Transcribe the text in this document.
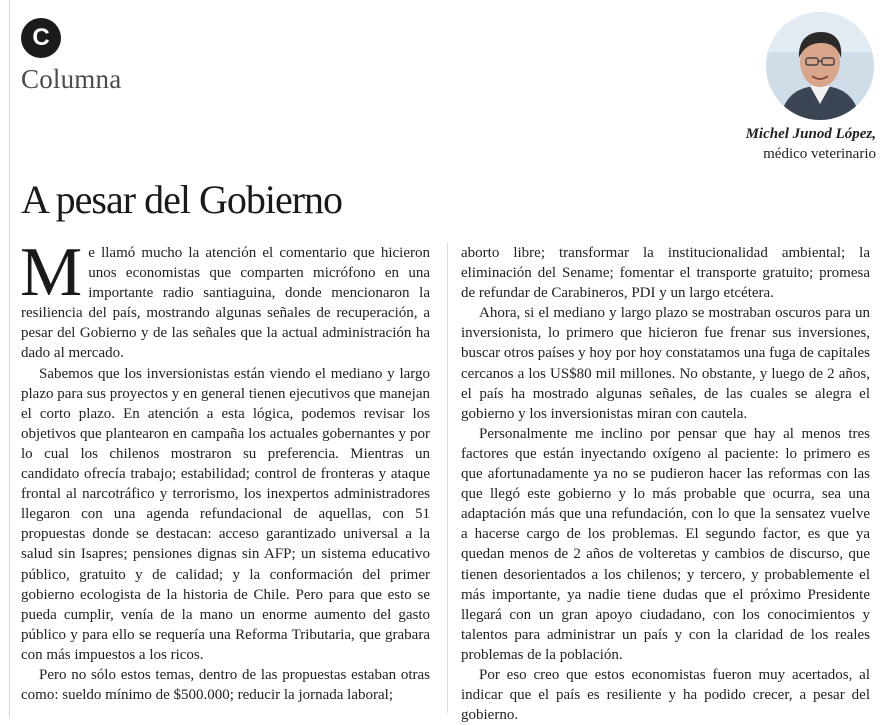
C
Columna
Michel Junod López,
médico veterinario
A pesar del Gobierno

Me llamó mucho la atención el comentario que hicieron unos economistas que comparten micrófono en una importante radio santiaguina, donde mencionaron la resiliencia del país, mostrando algunas señales de recuperación, a pesar del Gobierno y de las señales que la actual administración ha dado al mercado.

Sabemos que los inversionistas están viendo el mediano y largo plazo para sus proyectos y en general tienen ejecutivos que manejan el corto plazo. En atención a esta lógica, podemos revisar los objetivos que plantearon en campaña los actuales gobernantes y por lo cual los chilenos mostraron su preferencia. Mientras un candidato ofrecía trabajo; estabilidad; control de fronteras y ataque frontal al narcotráfico y terrorismo, los inexpertos administradores llegaron con una agenda refundacional de aquellas, con 51 propuestas donde se destacan: acceso garantizado universal a la salud sin Isapres; pensiones dignas sin AFP; un sistema educativo público, gratuito y de calidad; y la conformación del primer gobierno ecologista de la historia de Chile. Pero para que esto se pueda cumplir, venía de la mano un enorme aumento del gasto público y para ello se requería una Reforma Tributaria, que grabara con más impuestos a los ricos.

Pero no sólo estos temas, dentro de las propuestas estaban otras como: sueldo mínimo de $500.000; reducir la jornada laboral;

aborto libre; transformar la institucionalidad ambiental; la eliminación del Sename; fomentar el transporte gratuito; promesa de refundar de Carabineros, PDI y un largo etcétera.

Ahora, si el mediano y largo plazo se mostraban oscuros para un inversionista, lo primero que hicieron fue frenar sus inversiones, buscar otros países y hoy por hoy constatamos una fuga de capitales cercanos a los US$80 mil millones. No obstante, y luego de 2 años, el país ha mostrado algunas señales, de las cuales se alegra el gobierno y los inversionistas miran con cautela.

Personalmente me inclino por pensar que hay al menos tres factores que están inyectando oxígeno al paciente: lo primero es que afortunadamente ya no se pudieron hacer las reformas con las que llegó este gobierno y lo más probable que ocurra, sea una adaptación más que una refundación, con lo que la sensatez vuelve a hacerse cargo de los problemas. El segundo factor, es que ya quedan menos de 2 años de volteretas y cambios de discurso, que tienen desorientados a los chilenos; y tercero, y probablemente el más importante, ya nadie tiene dudas que el próximo Presidente llegará con un gran apoyo ciudadano, con los conocimientos y talentos para administrar un país y con la claridad de los reales problemas de la población.

Por eso creo que estos economistas fueron muy acertados, al indicar que el país es resiliente y ha podido crecer, a pesar del gobierno.
